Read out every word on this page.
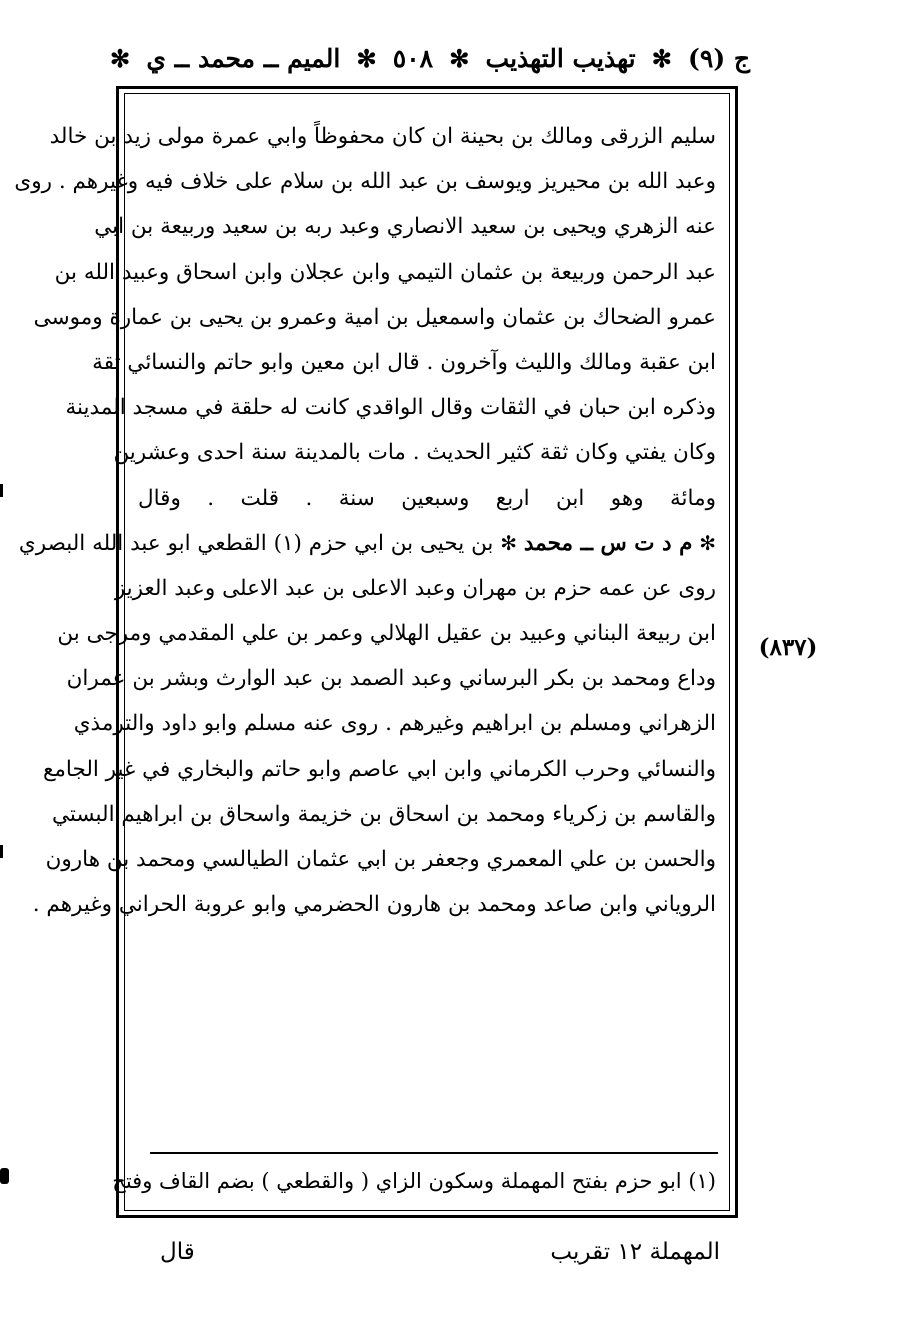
ج (٩)
✻
تهذيب التهذيب
✻
٥٠٨
✻
الميم ــ محمد ــ ي
✻
سليم الزرقى ومالك بن بحينة ان كان محفوظاً وابي عمرة مولى زيد بن خالد
وعبد الله بن محيريز ويوسف بن عبد الله بن سلام على خلاف فيه وغيرهم . روى
عنه الزهري ويحيى بن سعيد الانصاري وعبد ربه بن سعيد وربيعة بن ابي
عبد الرحمن وربيعة بن عثمان التيمي وابن عجلان وابن اسحاق وعبيد الله بن
عمرو الضحاك بن عثمان واسمعيل بن امية وعمرو بن يحيى بن عمارة وموسى
ابن عقبة ومالك والليث وآخرون . قال ابن معين وابو حاتم والنسائي ثقة
وذكره ابن حبان في الثقات وقال الواقدي كانت له حلقة في مسجد المدينة
وكان يفتي وكان ثقة كثير الحديث . مات بالمدينة سنة احدى وعشرين
ومائة وهو ابن اربع وسبعين سنة . قلت . وقال
✻ م د ت س ــ محمد ✻ بن يحيى بن ابي حزم (١) القطعي ابو عبد الله البصري
روى عن عمه حزم بن مهران وعبد الاعلى بن عبد الاعلى وعبد العزيز
ابن ربيعة البناني وعبيد بن عقيل الهلالي وعمر بن علي المقدمي ومرجى بن
وداع ومحمد بن بكر البرساني وعبد الصمد بن عبد الوارث وبشر بن عمران
الزهراني ومسلم بن ابراهيم وغيرهم . روى عنه مسلم وابو داود والترمذي
والنسائي وحرب الكرماني وابن ابي عاصم وابو حاتم والبخاري في غير الجامع
والقاسم بن زكرياء ومحمد بن اسحاق بن خزيمة واسحاق بن ابراهيم البستي
والحسن بن علي المعمري وجعفر بن ابي عثمان الطيالسي ومحمد بن هارون
الروياني وابن صاعد ومحمد بن هارون الحضرمي وابو عروبة الحراني وغيرهم .
(٨٣٧)
(١) ابو حزم بفتح المهملة وسكون الزاي ( والقطعي ) بضم القاف وفتح
المهملة ١٢ تقريب
قال
